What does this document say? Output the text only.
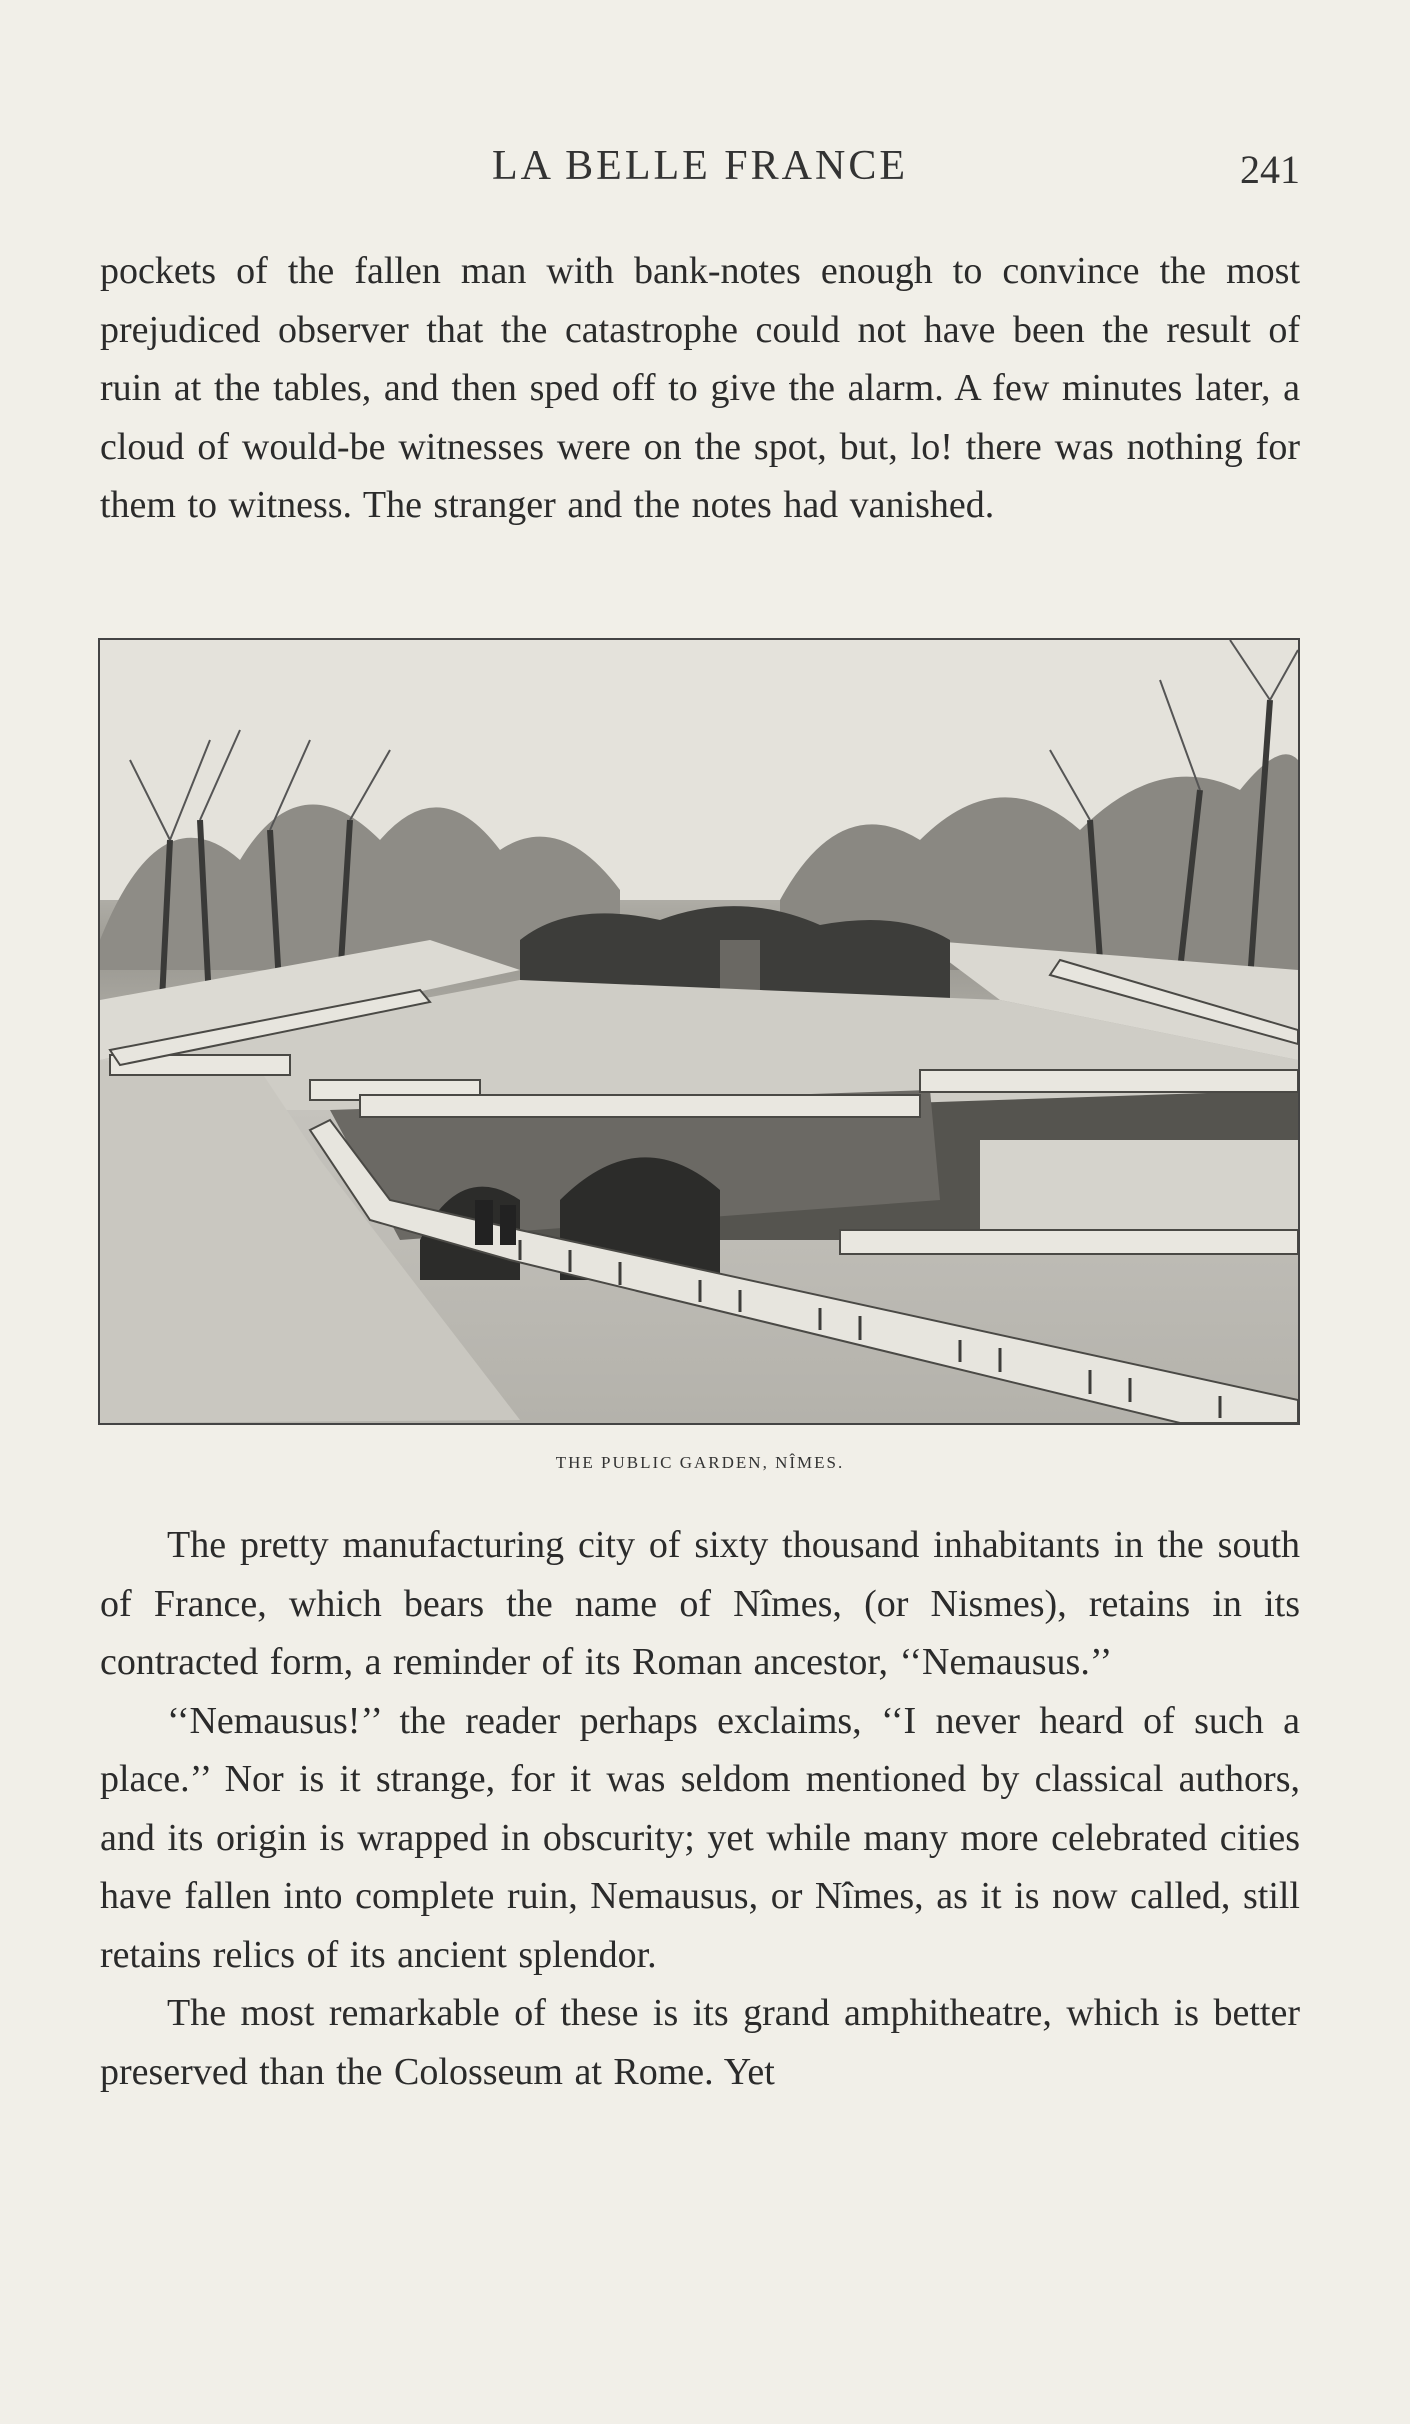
LA BELLE FRANCE	241

pockets of the fallen man with bank-notes enough to convince the most prejudiced observer that the catastrophe could not have been the result of ruin at the tables, and then sped off to give the alarm. A few minutes later, a cloud of would-be witnesses were on the spot, but, lo! there was nothing for them to witness. The stranger and the notes had vanished.

THE PUBLIC GARDEN, NÎMES.

The pretty manufacturing city of sixty thousand inhabitants in the south of France, which bears the name of Nîmes, (or Nismes), retains in its contracted form, a reminder of its Roman ancestor, ‘‘Nemausus.’’

‘‘Nemausus!’’ the reader perhaps exclaims, ‘‘I never heard of such a place.’’ Nor is it strange, for it was seldom mentioned by classical authors, and its origin is wrapped in obscurity; yet while many more celebrated cities have fallen into complete ruin, Nemausus, or Nîmes, as it is now called, still retains relics of its ancient splendor.

The most remarkable of these is its grand amphitheatre, which is better preserved than the Colosseum at Rome. Yet
